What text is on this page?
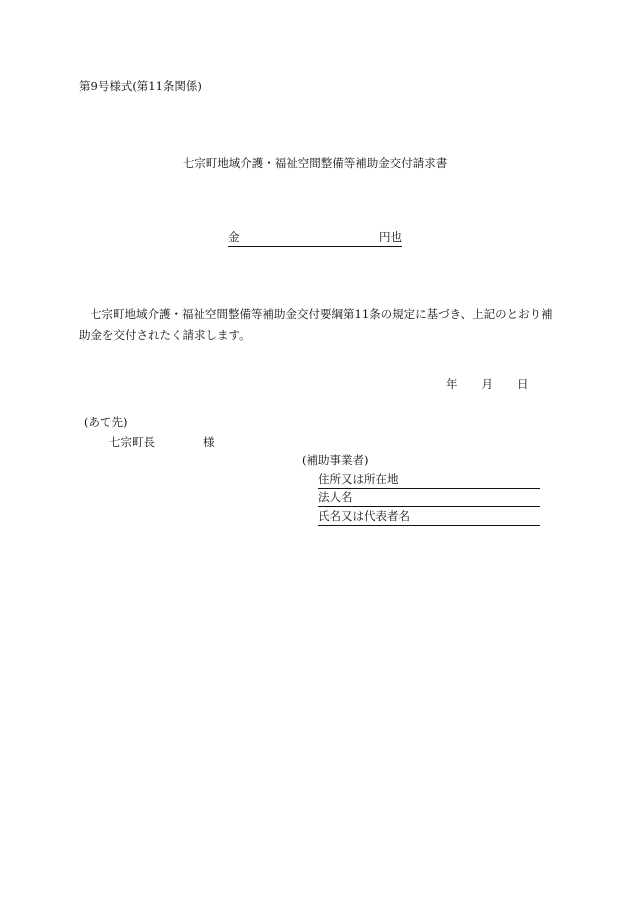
第9号様式(第11条関係)
七宗町地域介護・福祉空間整備等補助金交付請求書
金	円也
七宗町地域介護・福祉空間整備等補助金交付要綱第11条の規定に基づき、上記のとおり補助金を交付されたく請求します。
年 月 日
(あて先)
七宗町長	様
(補助事業者)
住所又は所在地
法人名
氏名又は代表者名
